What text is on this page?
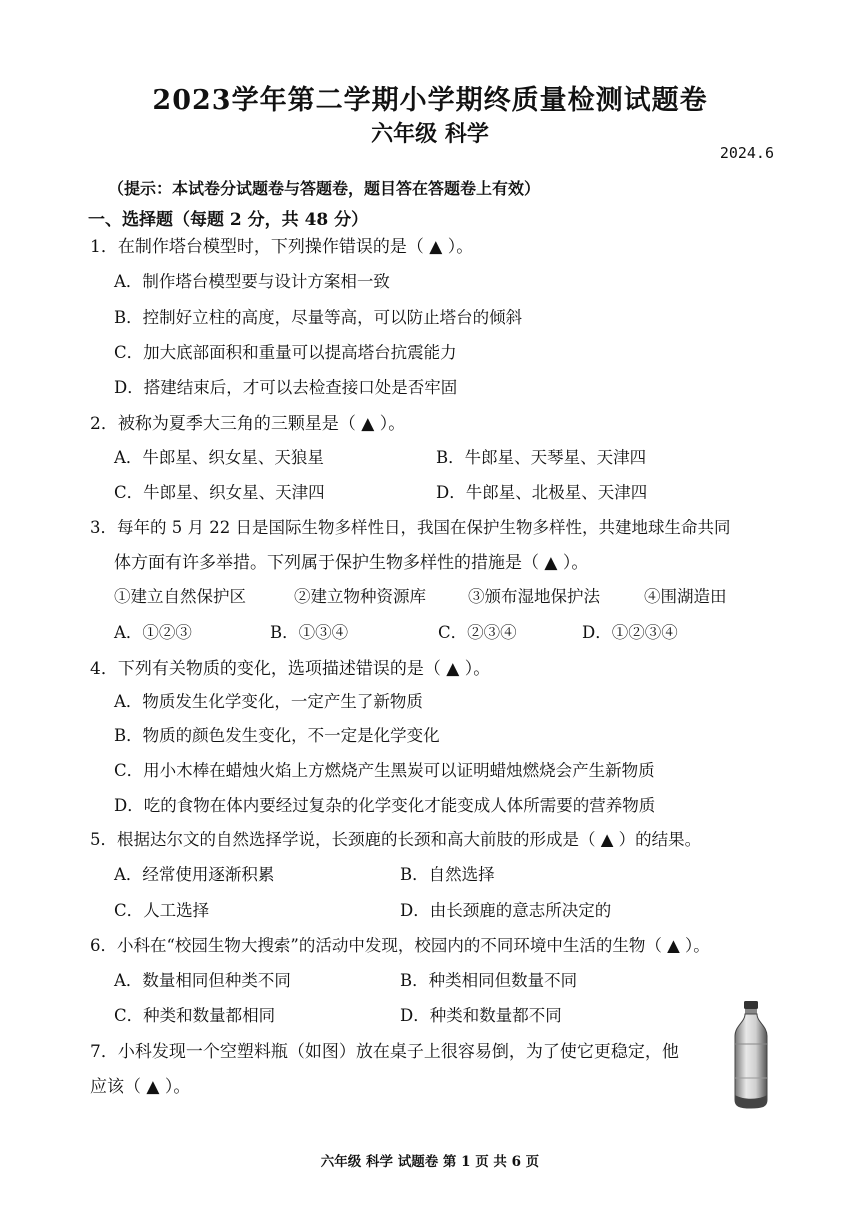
2023学年第二学期小学期终质量检测试题卷
六年级 科学
2024.6
（提示：本试卷分试题卷与答题卷，题目答在答题卷上有效）
一、选择题（每题 2 分，共 48 分）
1．在制作塔台模型时，下列操作错误的是（ ▲ ）。
A．制作塔台模型要与设计方案相一致
B．控制好立柱的高度，尽量等高，可以防止塔台的倾斜
C．加大底部面积和重量可以提高塔台抗震能力
D．搭建结束后，才可以去检查接口处是否牢固
2．被称为夏季大三角的三颗星是（ ▲ ）。
A．牛郎星、织女星、天狼星	B．牛郎星、天琴星、天津四
C．牛郎星、织女星、天津四	D．牛郎星、北极星、天津四
3．每年的 5 月 22 日是国际生物多样性日，我国在保护生物多样性，共建地球生命共同
体方面有许多举措。下列属于保护生物多样性的措施是（ ▲ ）。
①建立自然保护区	②建立物种资源库	③颁布湿地保护法	④围湖造田
A．①②③	B．①③④	C．②③④	D．①②③④
4．下列有关物质的变化，选项描述错误的是（ ▲ ）。
A．物质发生化学变化，一定产生了新物质
B．物质的颜色发生变化，不一定是化学变化
C．用小木棒在蜡烛火焰上方燃烧产生黑炭可以证明蜡烛燃烧会产生新物质
D．吃的食物在体内要经过复杂的化学变化才能变成人体所需要的营养物质
5．根据达尔文的自然选择学说，长颈鹿的长颈和高大前肢的形成是（ ▲ ）的结果。
A．经常使用逐渐积累	B．自然选择
C．人工选择	D．由长颈鹿的意志所决定的
6．小科在“校园生物大搜索”的活动中发现，校园内的不同环境中生活的生物（ ▲ ）。
A．数量相同但种类不同	B．种类相同但数量不同
C．种类和数量都相同	D．种类和数量都不同
7．小科发现一个空塑料瓶（如图）放在桌子上很容易倒，为了使它更稳定，他
应该（ ▲ ）。
六年级 科学 试题卷 第 1 页 共 6 页
